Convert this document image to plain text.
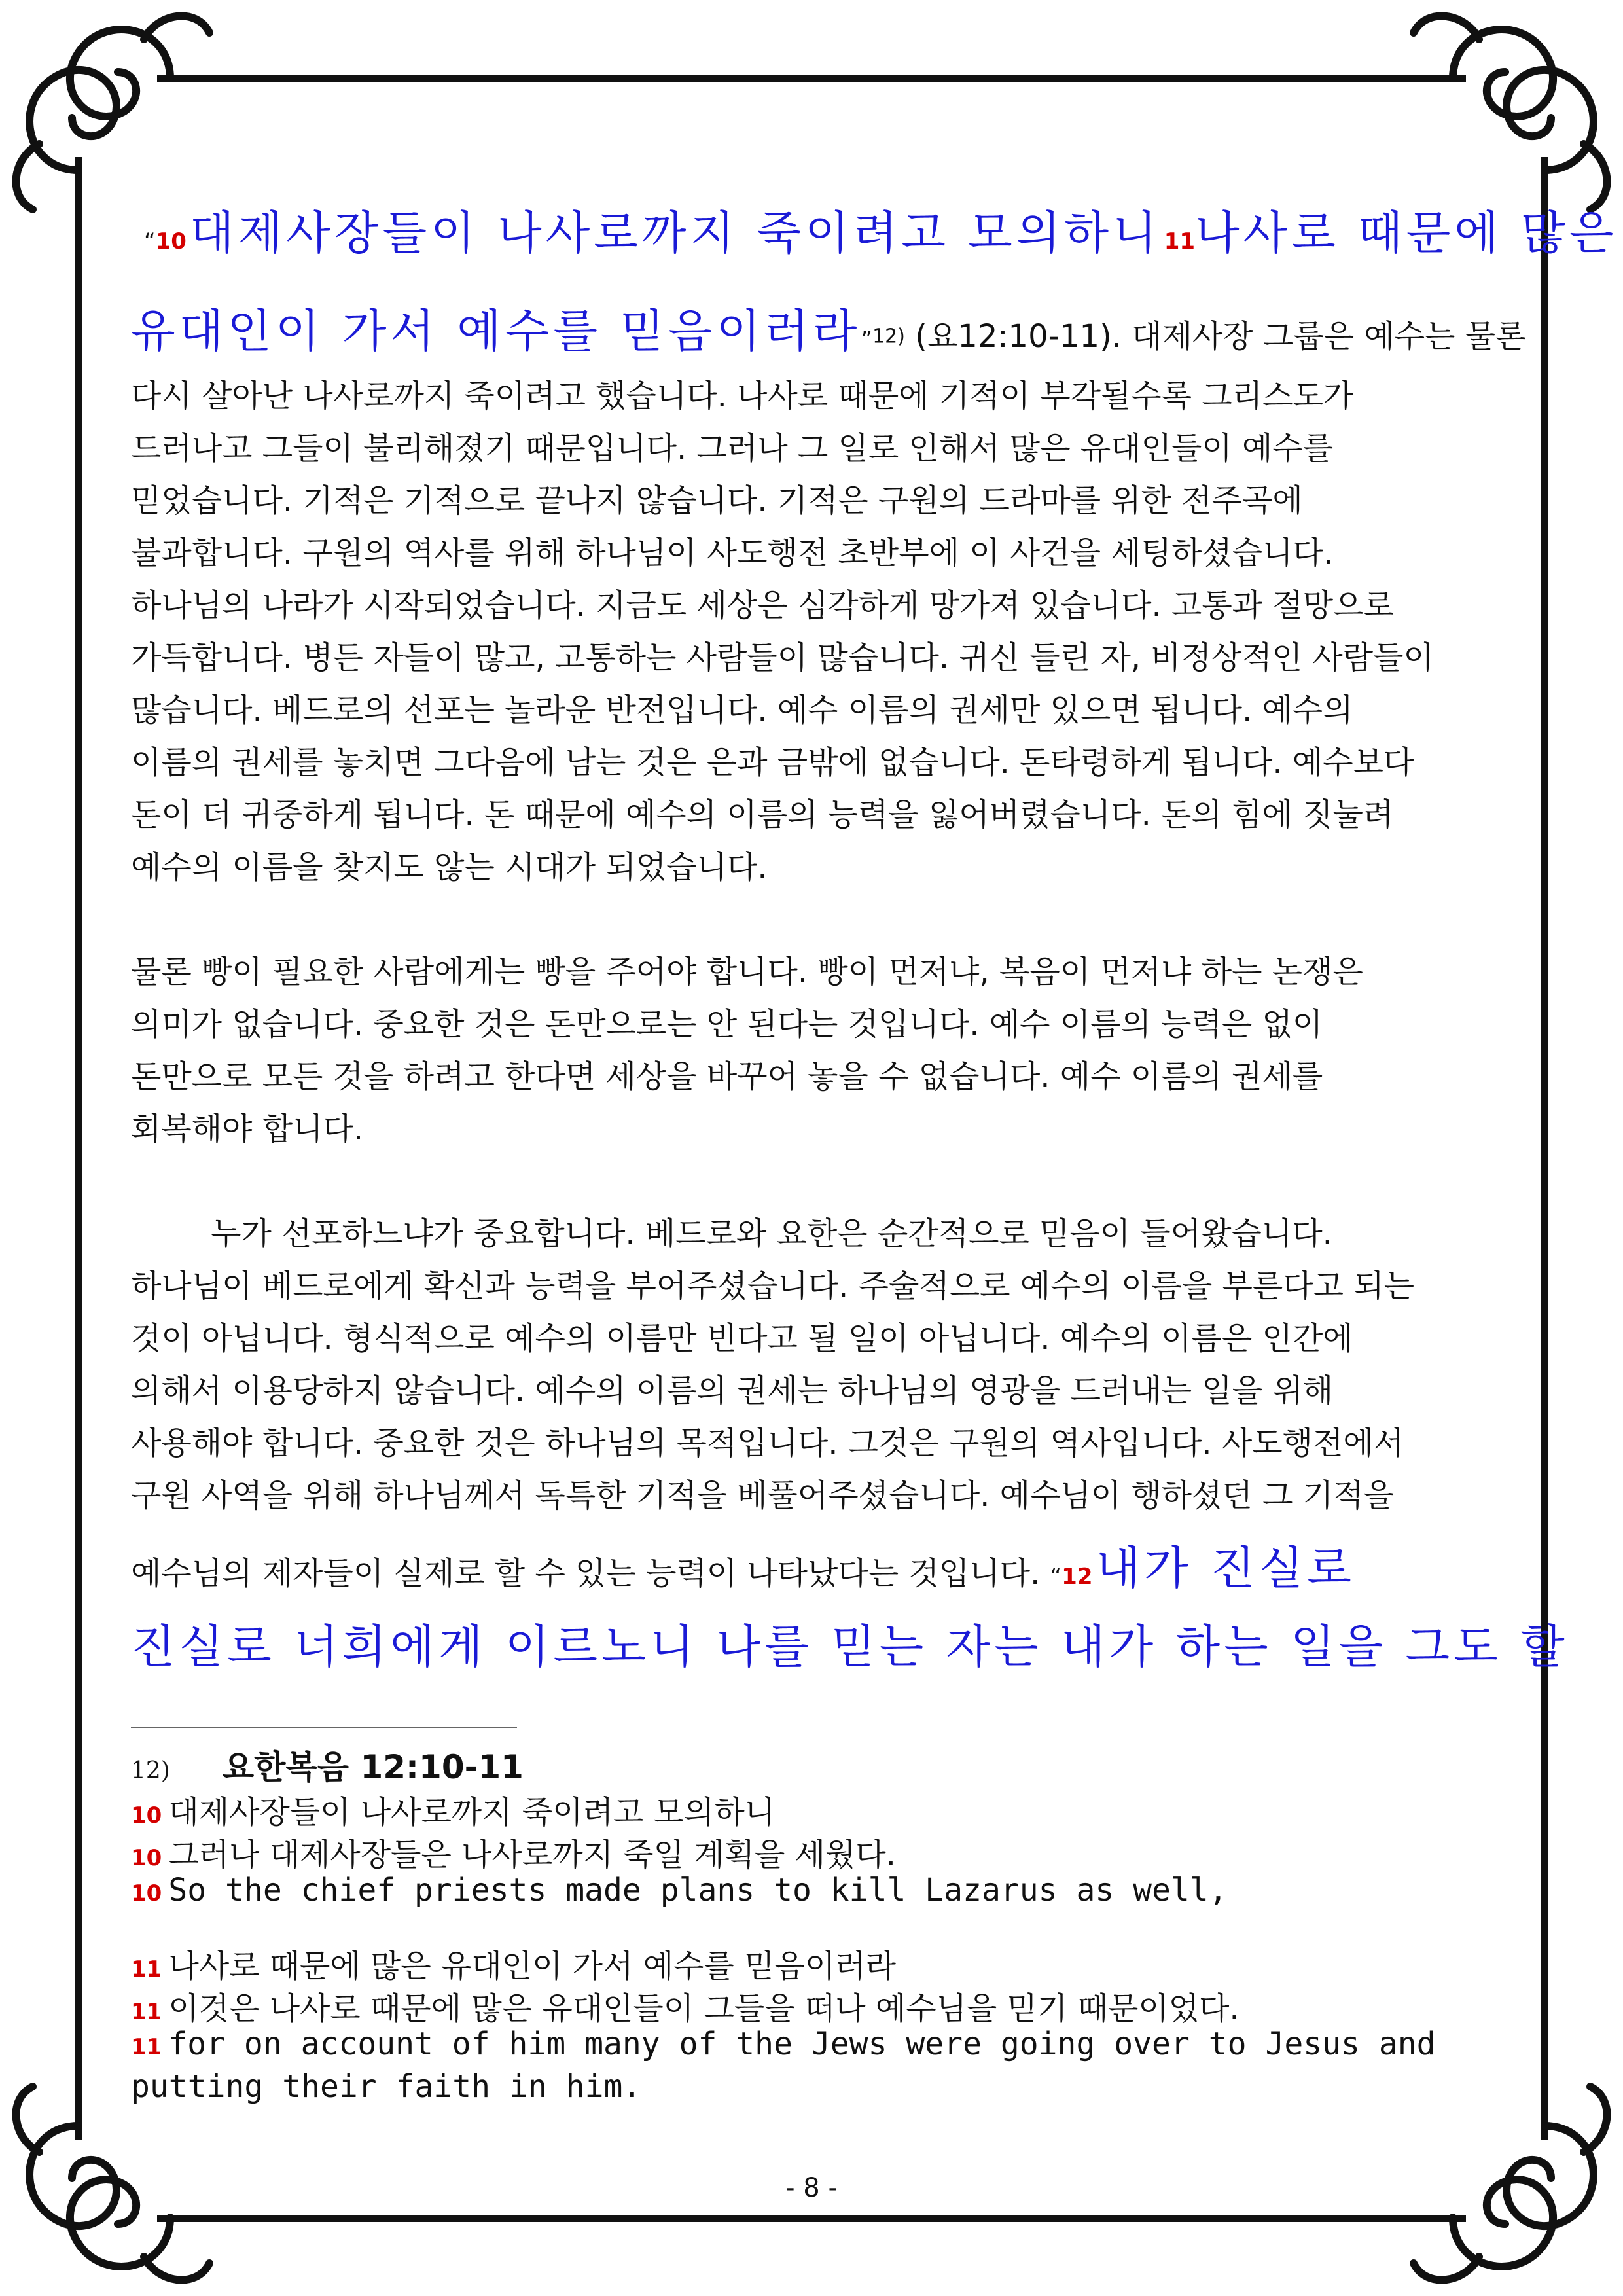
“10 대제사장들이 나사로까지 죽이려고 모의하니 11나사로 때문에 많은
유대인이 가서 예수를 믿음이러라”12) (요12:10-11). 대제사장 그룹은 예수는 물론

다시 살아난 나사로까지 죽이려고 했습니다. 나사로 때문에 기적이 부각될수록 그리스도가

드러나고 그들이 불리해졌기 때문입니다. 그러나 그 일로 인해서 많은 유대인들이 예수를

믿었습니다. 기적은 기적으로 끝나지 않습니다. 기적은 구원의 드라마를 위한 전주곡에

불과합니다. 구원의 역사를 위해 하나님이 사도행전 초반부에 이 사건을 세팅하셨습니다.

하나님의 나라가 시작되었습니다. 지금도 세상은 심각하게 망가져 있습니다. 고통과 절망으로

가득합니다. 병든 자들이 많고, 고통하는 사람들이 많습니다. 귀신 들린 자, 비정상적인 사람들이

많습니다. 베드로의 선포는 놀라운 반전입니다. 예수 이름의 권세만 있으면 됩니다. 예수의

이름의 권세를 놓치면 그다음에 남는 것은 은과 금밖에 없습니다. 돈타령하게 됩니다. 예수보다

돈이 더 귀중하게 됩니다. 돈 때문에 예수의 이름의 능력을 잃어버렸습니다. 돈의 힘에 짓눌려

예수의 이름을 찾지도 않는 시대가 되었습니다.

물론 빵이 필요한 사람에게는 빵을 주어야 합니다. 빵이 먼저냐, 복음이 먼저냐 하는 논쟁은

의미가 없습니다. 중요한 것은 돈만으로는 안 된다는 것입니다. 예수 이름의 능력은 없이

돈만으로 모든 것을 하려고 한다면 세상을 바꾸어 놓을 수 없습니다. 예수 이름의 권세를

회복해야 합니다.

누가 선포하느냐가 중요합니다. 베드로와 요한은 순간적으로 믿음이 들어왔습니다.

하나님이 베드로에게 확신과 능력을 부어주셨습니다. 주술적으로 예수의 이름을 부른다고 되는

것이 아닙니다. 형식적으로 예수의 이름만 빈다고 될 일이 아닙니다. 예수의 이름은 인간에

의해서 이용당하지 않습니다. 예수의 이름의 권세는 하나님의 영광을 드러내는 일을 위해

사용해야 합니다. 중요한 것은 하나님의 목적입니다. 그것은 구원의 역사입니다. 사도행전에서

구원 사역을 위해 하나님께서 독특한 기적을 베풀어주셨습니다. 예수님이 행하셨던 그 기적을

예수님의 제자들이 실제로 할 수 있는 능력이 나타났다는 것입니다. “12 내가 진실로
진실로 너희에게 이르노니 나를 믿는 자는 내가 하는 일을 그도 할
12) 요한복음 12:10-11
10 대제사장들이 나사로까지 죽이려고 모의하니
10 그러나 대제사장들은 나사로까지 죽일 계획을 세웠다.
10 So the chief priests made plans to kill Lazarus as well,
11 나사로 때문에 많은 유대인이 가서 예수를 믿음이러라
11 이것은 나사로 때문에 많은 유대인들이 그들을 떠나 예수님을 믿기 때문이었다.
11 for on account of him many of the Jews were going over to Jesus and
putting their faith in him.
- 8 -
